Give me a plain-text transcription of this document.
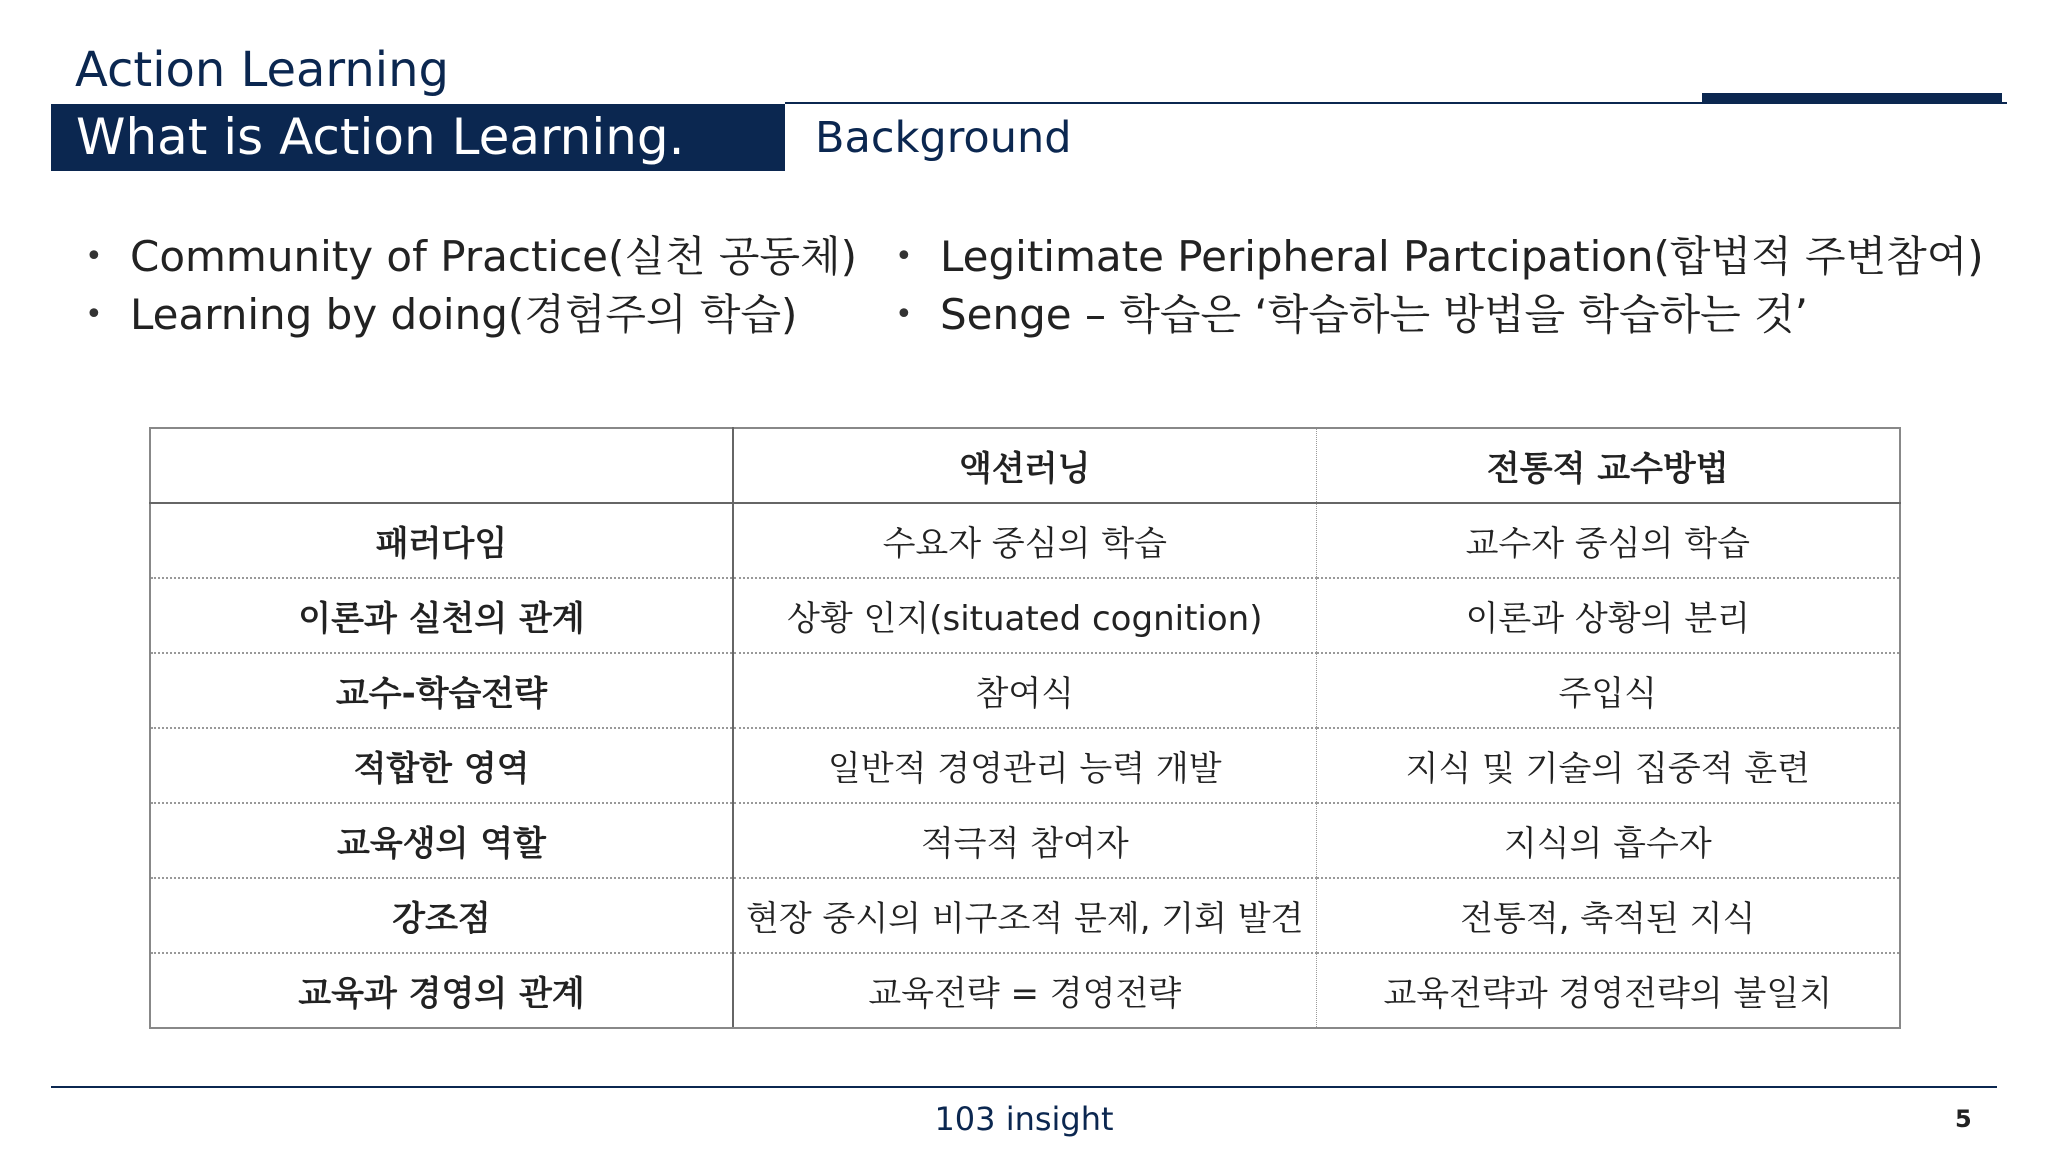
Action Learning
What is Action Learning.	Background
• Community of Practice(실천 공동체)
• Learning by doing(경험주의 학습)
• Legitimate Peripheral Partcipation(합법적 주변참여)
• Senge – 학습은 ‘학습하는 방법을 학습하는 것’
	액션러닝	전통적 교수방법
패러다임	수요자 중심의 학습	교수자 중심의 학습
이론과 실천의 관계	상황 인지(situated cognition)	이론과 상황의 분리
교수-학습전략	참여식	주입식
적합한 영역	일반적 경영관리 능력 개발	지식 및 기술의 집중적 훈련
교육생의 역할	적극적 참여자	지식의 흡수자
강조점	현장 중시의 비구조적 문제, 기회 발견	전통적, 축적된 지식
교육과 경영의 관계	교육전략 = 경영전략	교육전략과 경영전략의 불일치
103 insight	5
